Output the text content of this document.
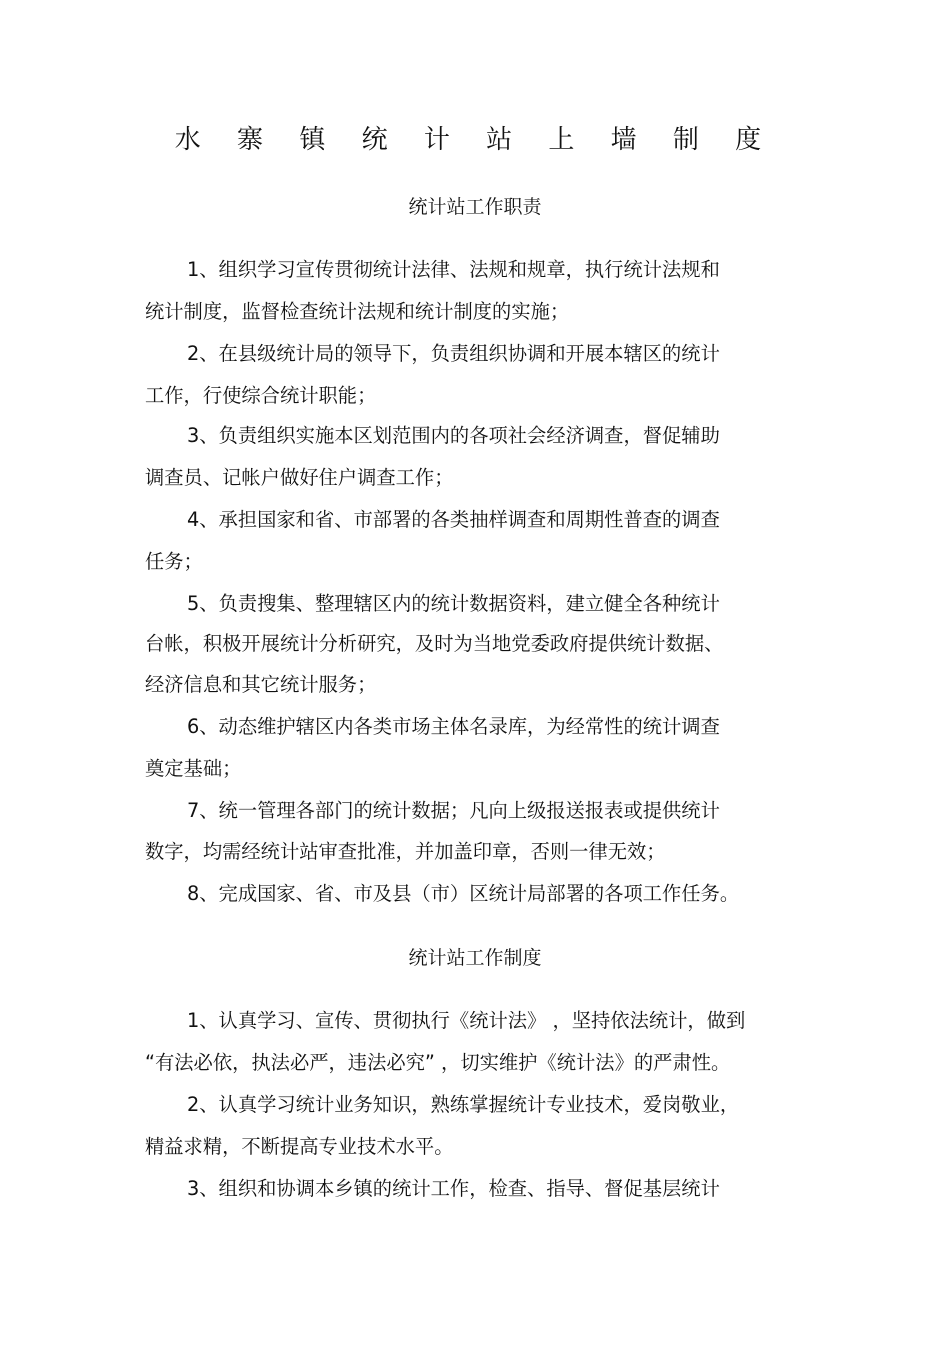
水 寨 镇 统 计 站 上 墙 制 度
统计站工作职责
1、组织学习宣传贯彻统计法律、法规和规章，执行统计法规和
统计制度，监督检查统计法规和统计制度的实施；
2、在县级统计局的领导下，负责组织协调和开展本辖区的统计
工作，行使综合统计职能；
3、负责组织实施本区划范围内的各项社会经济调查，督促辅助
调查员、记帐户做好住户调查工作；
4、承担国家和省、市部署的各类抽样调查和周期性普查的调查
任务；
5、负责搜集、整理辖区内的统计数据资料，建立健全各种统计
台帐，积极开展统计分析研究，及时为当地党委政府提供统计数据、
经济信息和其它统计服务；
6、动态维护辖区内各类市场主体名录库，为经常性的统计调查
奠定基础；
7、统一管理各部门的统计数据；凡向上级报送报表或提供统计
数字，均需经统计站审查批准，并加盖印章，否则一律无效；
8、完成国家、省、市及县（市）区统计局部署的各项工作任务。
统计站工作制度
1、认真学习、宣传、贯彻执行《统计法》 ，坚持依法统计，做到
“有法必依，执法必严，违法必究” ，切实维护《统计法》的严肃性。
2、认真学习统计业务知识，熟练掌握统计专业技术，爱岗敬业，
精益求精，不断提高专业技术水平。
3、组织和协调本乡镇的统计工作，检查、指导、督促基层统计
